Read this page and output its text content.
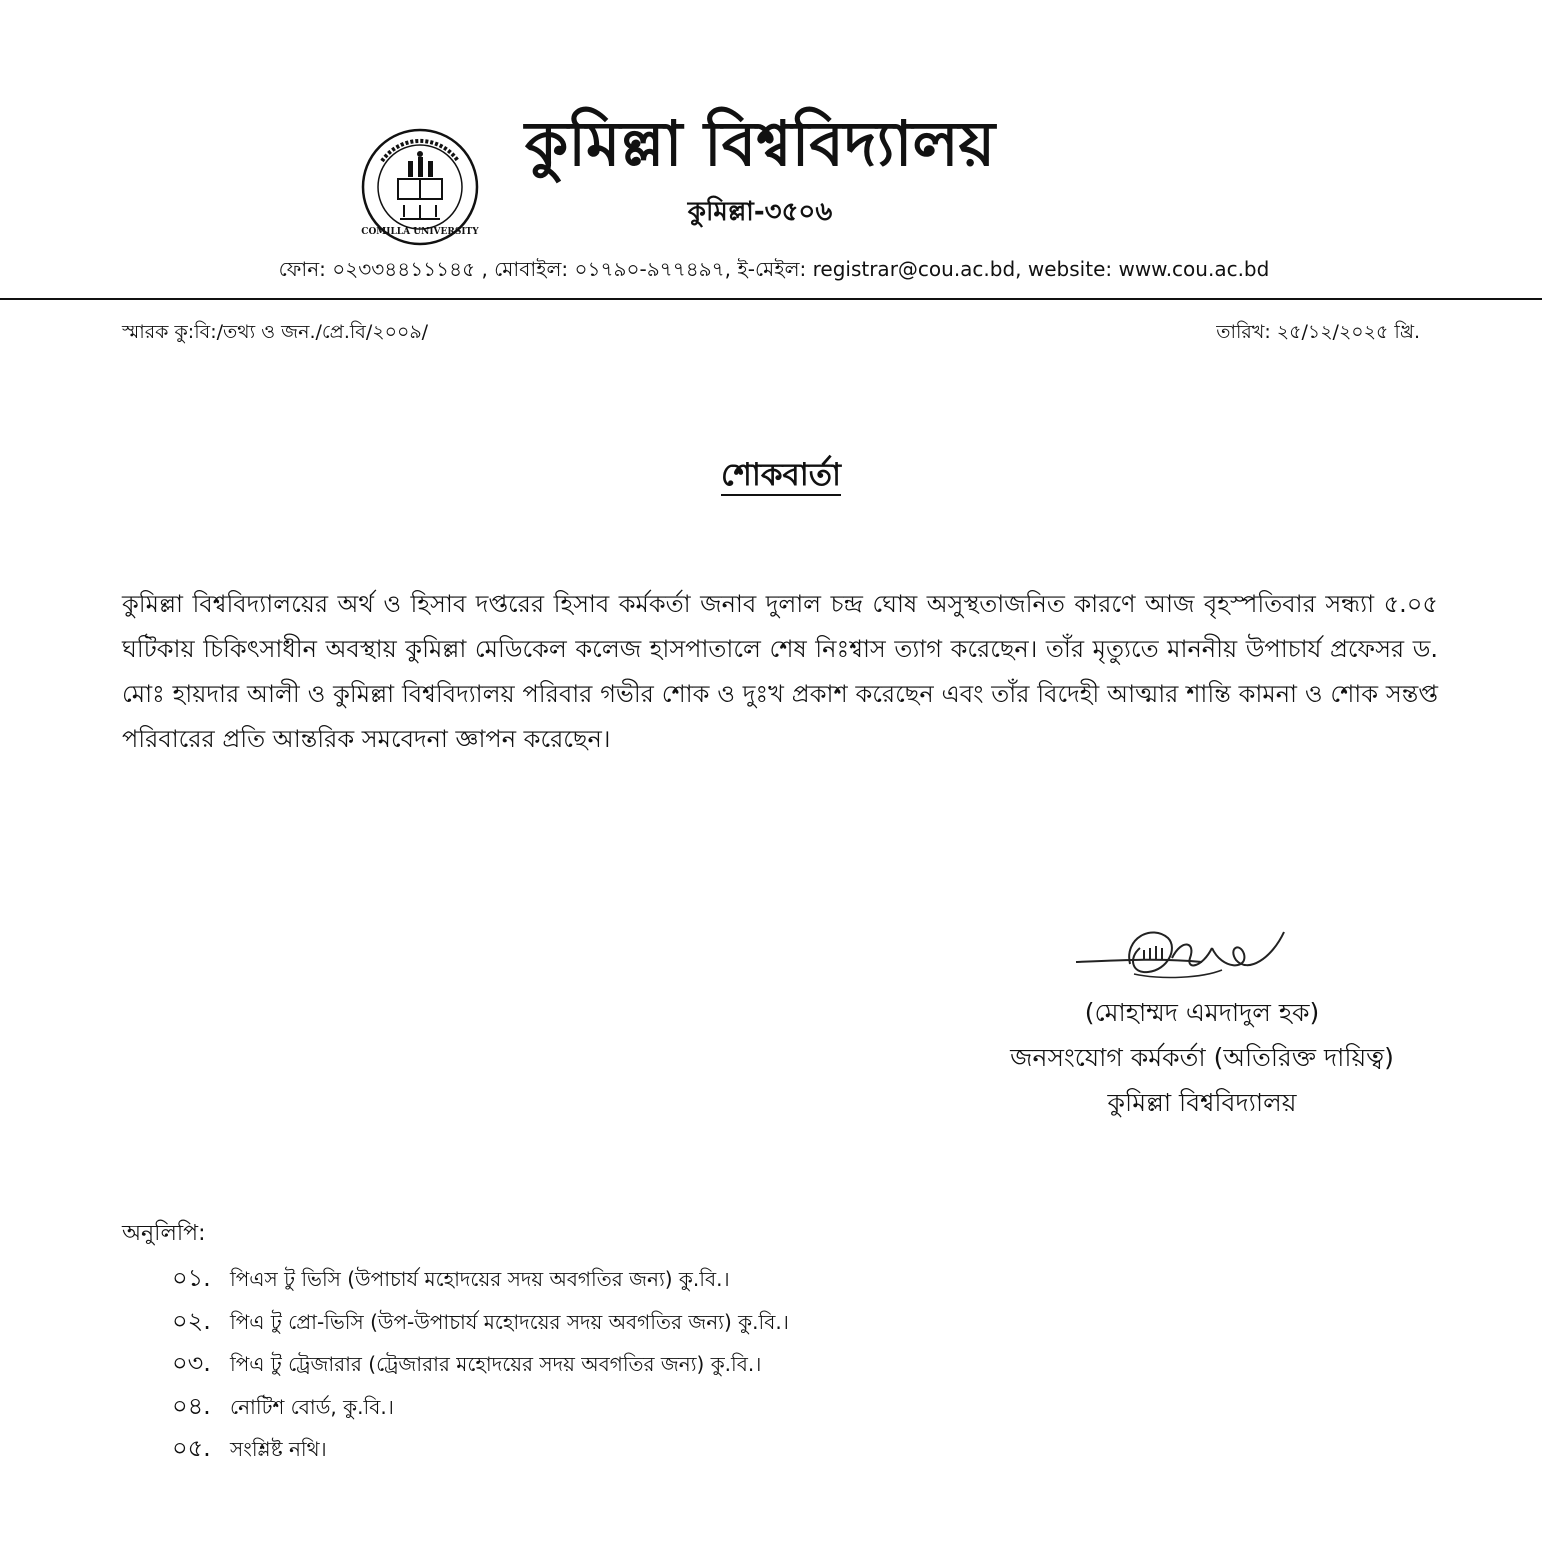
COMILLA UNIVERSITY
কুমিল্লা বিশ্ববিদ্যালয়
কুমিল্লা-৩৫০৬
ফোন: ০২৩৩৪৪১১১৪৫ , মোবাইল: ০১৭৯০-৯৭৭৪৯৭, ই-মেইল: registrar@cou.ac.bd, website: www.cou.ac.bd
স্মারক কু:বি:/তথ্য ও জন./প্রে.বি/২০০৯/	তারিখ: ২৫/১২/২০২৫ খ্রি.
শোকবার্তা

কুমিল্লা বিশ্ববিদ্যালয়ের অর্থ ও হিসাব দপ্তরের হিসাব কর্মকর্তা জনাব দুলাল চন্দ্র ঘোষ অসুস্থতাজনিত কারণে আজ বৃহস্পতিবার সন্ধ্যা ৫.০৫ ঘটিকায় চিকিৎসাধীন অবস্থায় কুমিল্লা মেডিকেল কলেজ হাসপাতালে শেষ নিঃশ্বাস ত্যাগ করেছেন। তাঁর মৃত্যুতে মাননীয় উপাচার্য প্রফেসর ড. মোঃ হায়দার আলী ও কুমিল্লা বিশ্ববিদ্যালয় পরিবার গভীর শোক ও দুঃখ প্রকাশ করেছেন এবং তাঁর বিদেহী আত্মার শান্তি কামনা ও শোক সন্তপ্ত পরিবারের প্রতি আন্তরিক সমবেদনা জ্ঞাপন করেছেন।

(মোহাম্মদ এমদাদুল হক)
জনসংযোগ কর্মকর্তা (অতিরিক্ত দায়িত্ব)
কুমিল্লা বিশ্ববিদ্যালয়
অনুলিপি:
০১. পিএস টু ভিসি (উপাচার্য মহোদয়ের সদয় অবগতির জন্য) কু.বি.।
০২. পিএ টু প্রো-ভিসি (উপ-উপাচার্য মহোদয়ের সদয় অবগতির জন্য) কু.বি.।
০৩. পিএ টু ট্রেজারার (ট্রেজারার মহোদয়ের সদয় অবগতির জন্য) কু.বি.।
০৪. নোটিশ বোর্ড, কু.বি.।
০৫. সংশ্লিষ্ট নথি।
